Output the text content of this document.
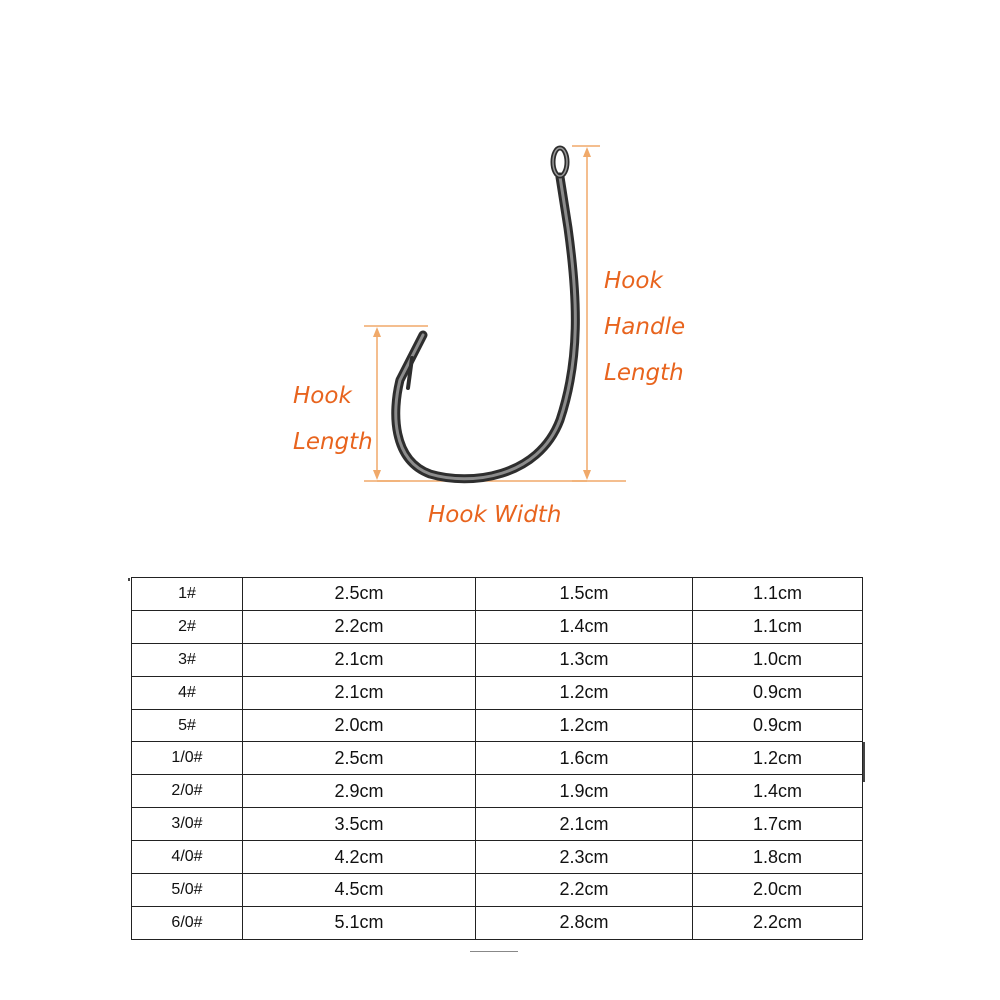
Hook
Handle
Length
Hook
Length
Hook Width
1#	2.5cm	1.5cm	1.1cm
2#	2.2cm	1.4cm	1.1cm
3#	2.1cm	1.3cm	1.0cm
4#	2.1cm	1.2cm	0.9cm
5#	2.0cm	1.2cm	0.9cm
1/0#	2.5cm	1.6cm	1.2cm
2/0#	2.9cm	1.9cm	1.4cm
3/0#	3.5cm	2.1cm	1.7cm
4/0#	4.2cm	2.3cm	1.8cm
5/0#	4.5cm	2.2cm	2.0cm
6/0#	5.1cm	2.8cm	2.2cm
